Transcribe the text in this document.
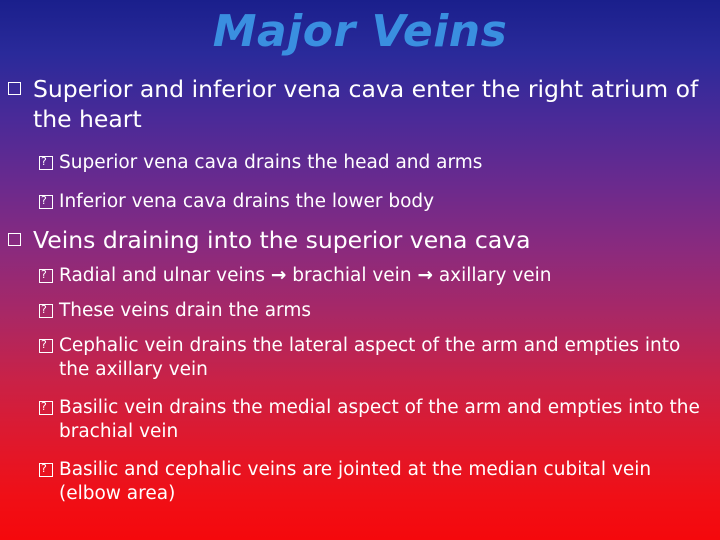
Major Veins
Superior and inferior vena cava enter the right atrium of the heart
?
Superior vena cava drains the head and arms
?
Inferior vena cava drains the lower body
Veins draining into the superior vena cava
?
Radial and ulnar veins → brachial vein → axillary vein
?
These veins drain the arms
?
Cephalic vein drains the lateral aspect of the arm and empties into the axillary vein
?
Basilic vein drains the medial aspect of the arm and empties into the brachial vein
?
Basilic and cephalic veins are jointed at the median cubital vein (elbow area)
